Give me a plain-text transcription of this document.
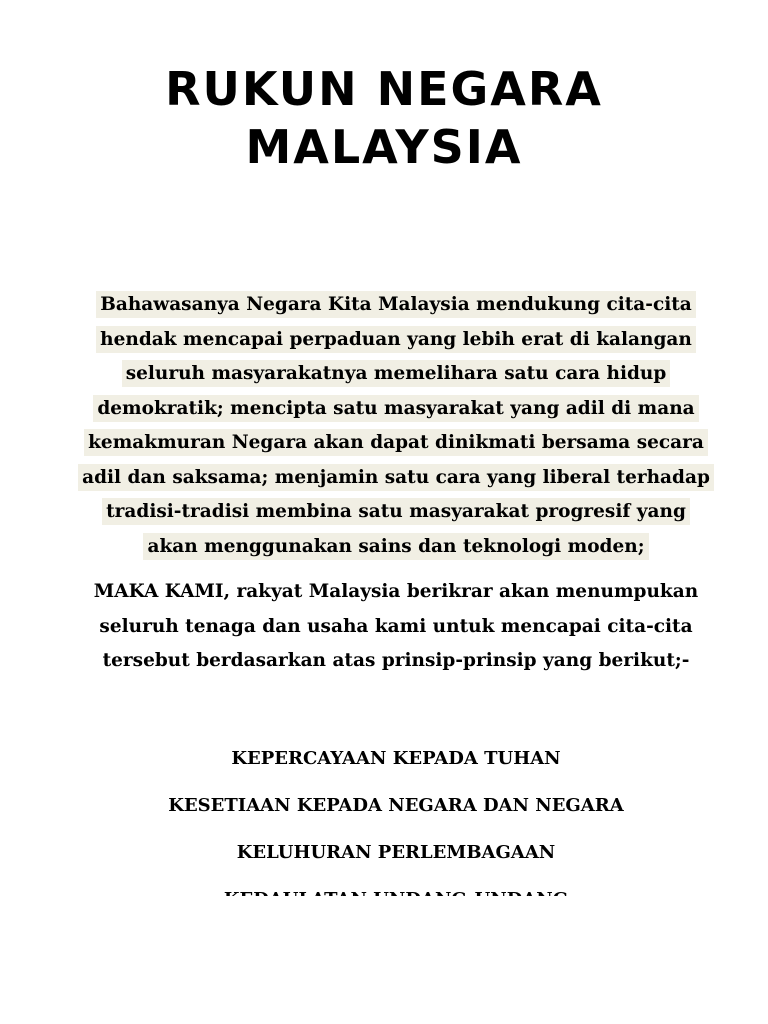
RUKUN NEGARA
MALAYSIA
Bahawasanya Negara Kita Malaysia mendukung cita-cita
hendak mencapai perpaduan yang lebih erat di kalangan
seluruh masyarakatnya memelihara satu cara hidup
demokratik; mencipta satu masyarakat yang adil di mana
kemakmuran Negara akan dapat dinikmati bersama secara
adil dan saksama; menjamin satu cara yang liberal terhadap
tradisi-tradisi membina satu masyarakat progresif yang
akan menggunakan sains dan teknologi moden;
MAKA KAMI, rakyat Malaysia berikrar akan menumpukan
seluruh tenaga dan usaha kami untuk mencapai cita-cita
tersebut berdasarkan atas prinsip-prinsip yang berikut;-
KEPERCAYAAN KEPADA TUHAN
KESETIAAN KEPADA NEGARA DAN NEGARA
KELUHURAN PERLEMBAGAAN
